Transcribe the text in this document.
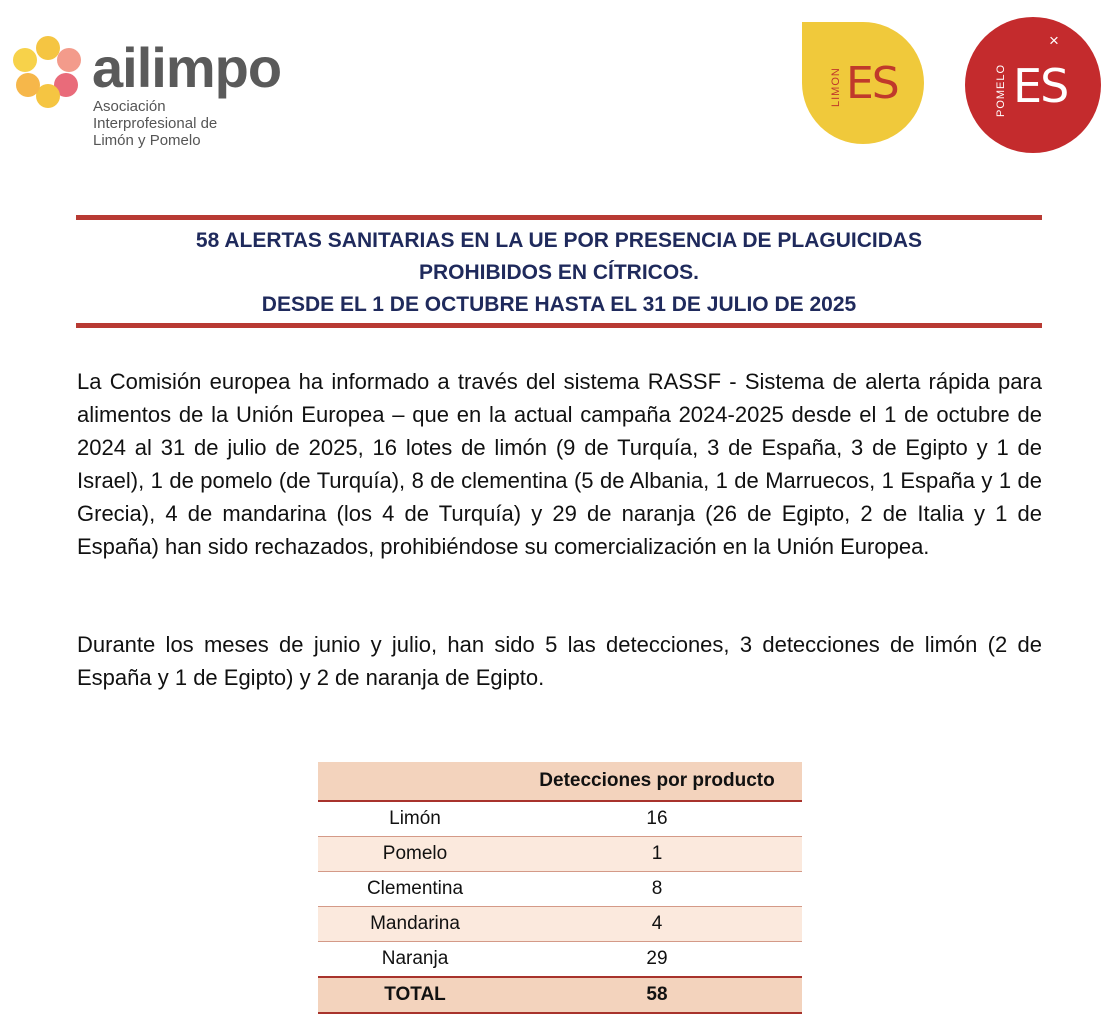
ailimpo
Asociación
Interprofesional de
Limón y Pomelo
LIMON ES
×
POMELO ES
58 ALERTAS SANITARIAS EN LA UE POR PRESENCIA DE PLAGUICIDAS
PROHIBIDOS EN CÍTRICOS.
DESDE EL 1 DE OCTUBRE HASTA EL 31 DE JULIO DE 2025
La Comisión europea ha informado a través del sistema RASSF - Sistema de alerta rápida para alimentos de la Unión Europea – que en la actual campaña 2024-2025 desde el 1 de octubre de 2024 al 31 de julio de 2025, 16 lotes de limón (9 de Turquía, 3 de España, 3 de Egipto y 1 de Israel), 1 de pomelo (de Turquía), 8 de clementina (5 de Albania, 1 de Marruecos, 1 España y 1 de Grecia), 4 de mandarina (los 4 de Turquía) y 29 de naranja (26 de Egipto, 2 de Italia y 1 de España) han sido rechazados, prohibiéndose su comercialización en la Unión Europea.
Durante los meses de junio y julio, han sido 5 las detecciones, 3 detecciones de limón (2 de España y 1 de Egipto) y 2 de naranja de Egipto.
	Detecciones por producto
Limón	16
Pomelo	1
Clementina	8
Mandarina	4
Naranja	29
TOTAL	58
